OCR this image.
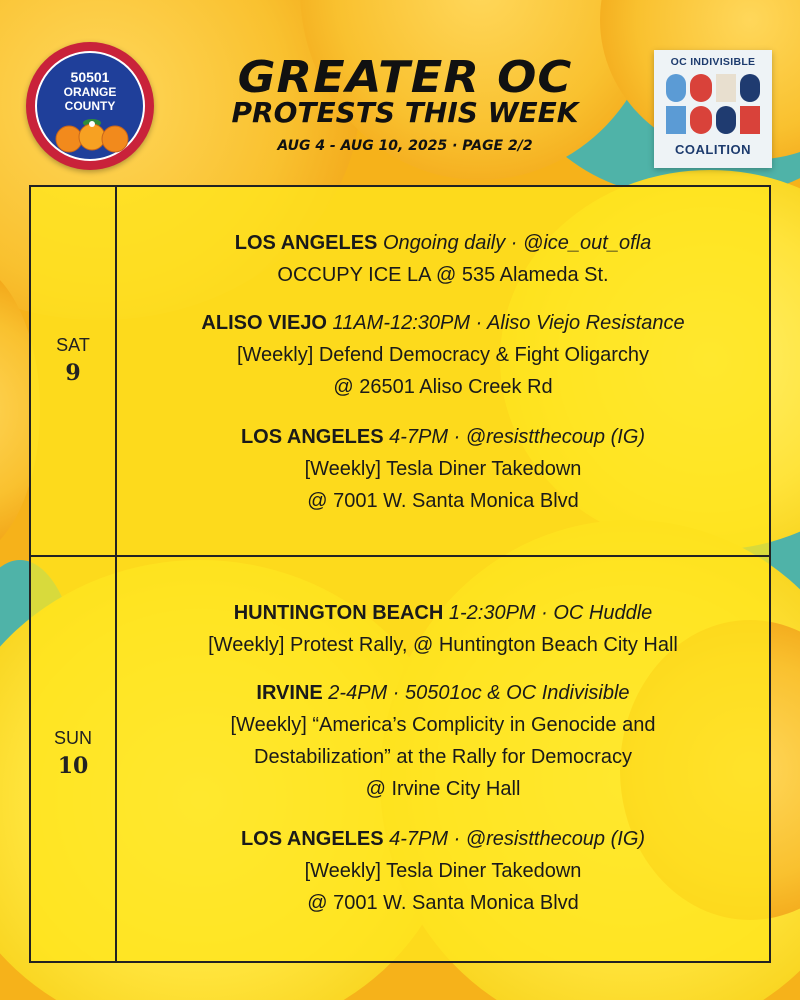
50501
ORANGE
COUNTY
GREATER OC
PROTESTS THIS WEEK
AUG 4 - AUG 10, 2025 · PAGE 2/2
OC INDIVISIBLE
COALITION
SAT
9
LOS ANGELES Ongoing daily · @ice_out_ofla
OCCUPY ICE LA @ 535 Alameda St.
ALISO VIEJO 11AM-12:30PM · Aliso Viejo Resistance
[Weekly] Defend Democracy & Fight Oligarchy
@ 26501 Aliso Creek Rd
LOS ANGELES 4-7PM · @resistthecoup (IG)
[Weekly] Tesla Diner Takedown
@ 7001 W. Santa Monica Blvd
SUN
10
HUNTINGTON BEACH 1-2:30PM · OC Huddle
[Weekly] Protest Rally, @ Huntington Beach City Hall
IRVINE 2-4PM · 50501oc & OC Indivisible
[Weekly] “America’s Complicity in Genocide and
Destabilization” at the Rally for Democracy
@ Irvine City Hall
LOS ANGELES 4-7PM · @resistthecoup (IG)
[Weekly] Tesla Diner Takedown
@ 7001 W. Santa Monica Blvd
